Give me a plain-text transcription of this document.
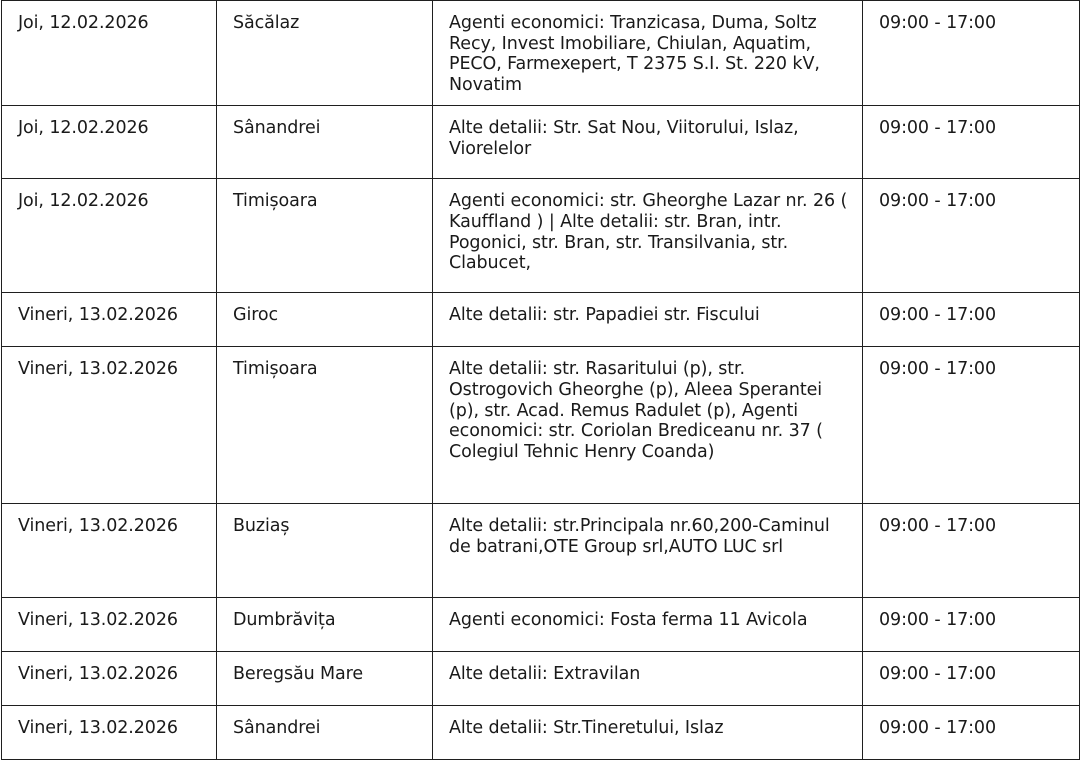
Joi, 12.02.2026	Săcălaz	Agenti economici: Tranzicasa, Duma, Soltz Recy, Invest Imobiliare, Chiulan, Aquatim, PECO, Farmexepert, T 2375 S.I. St. 220 kV, Novatim	09:00 - 17:00
Joi, 12.02.2026	Sânandrei	Alte detalii: Str. Sat Nou, Viitorului, Islaz, Viorelelor	09:00 - 17:00
Joi, 12.02.2026	Timișoara	Agenti economici: str. Gheorghe Lazar nr. 26 ( Kauffland ) | Alte detalii: str. Bran, intr. Pogonici, str. Bran, str. Transilvania, str. Clabucet,	09:00 - 17:00
Vineri, 13.02.2026	Giroc	Alte detalii: str. Papadiei str. Fiscului	09:00 - 17:00
Vineri, 13.02.2026	Timișoara	Alte detalii: str. Rasaritului (p), str. Ostrogovich Gheorghe (p), Aleea Sperantei (p), str. Acad. Remus Radulet (p), Agenti economici: str. Coriolan Brediceanu nr. 37 ( Colegiul Tehnic Henry Coanda)	09:00 - 17:00
Vineri, 13.02.2026	Buziaș	Alte detalii: str.Principala nr.60,200-Caminul de batrani,OTE Group srl,AUTO LUC srl	09:00 - 17:00
Vineri, 13.02.2026	Dumbrăvița	Agenti economici: Fosta ferma 11 Avicola	09:00 - 17:00
Vineri, 13.02.2026	Beregsău Mare	Alte detalii: Extravilan	09:00 - 17:00
Vineri, 13.02.2026	Sânandrei	Alte detalii: Str.Tineretului, Islaz	09:00 - 17:00
